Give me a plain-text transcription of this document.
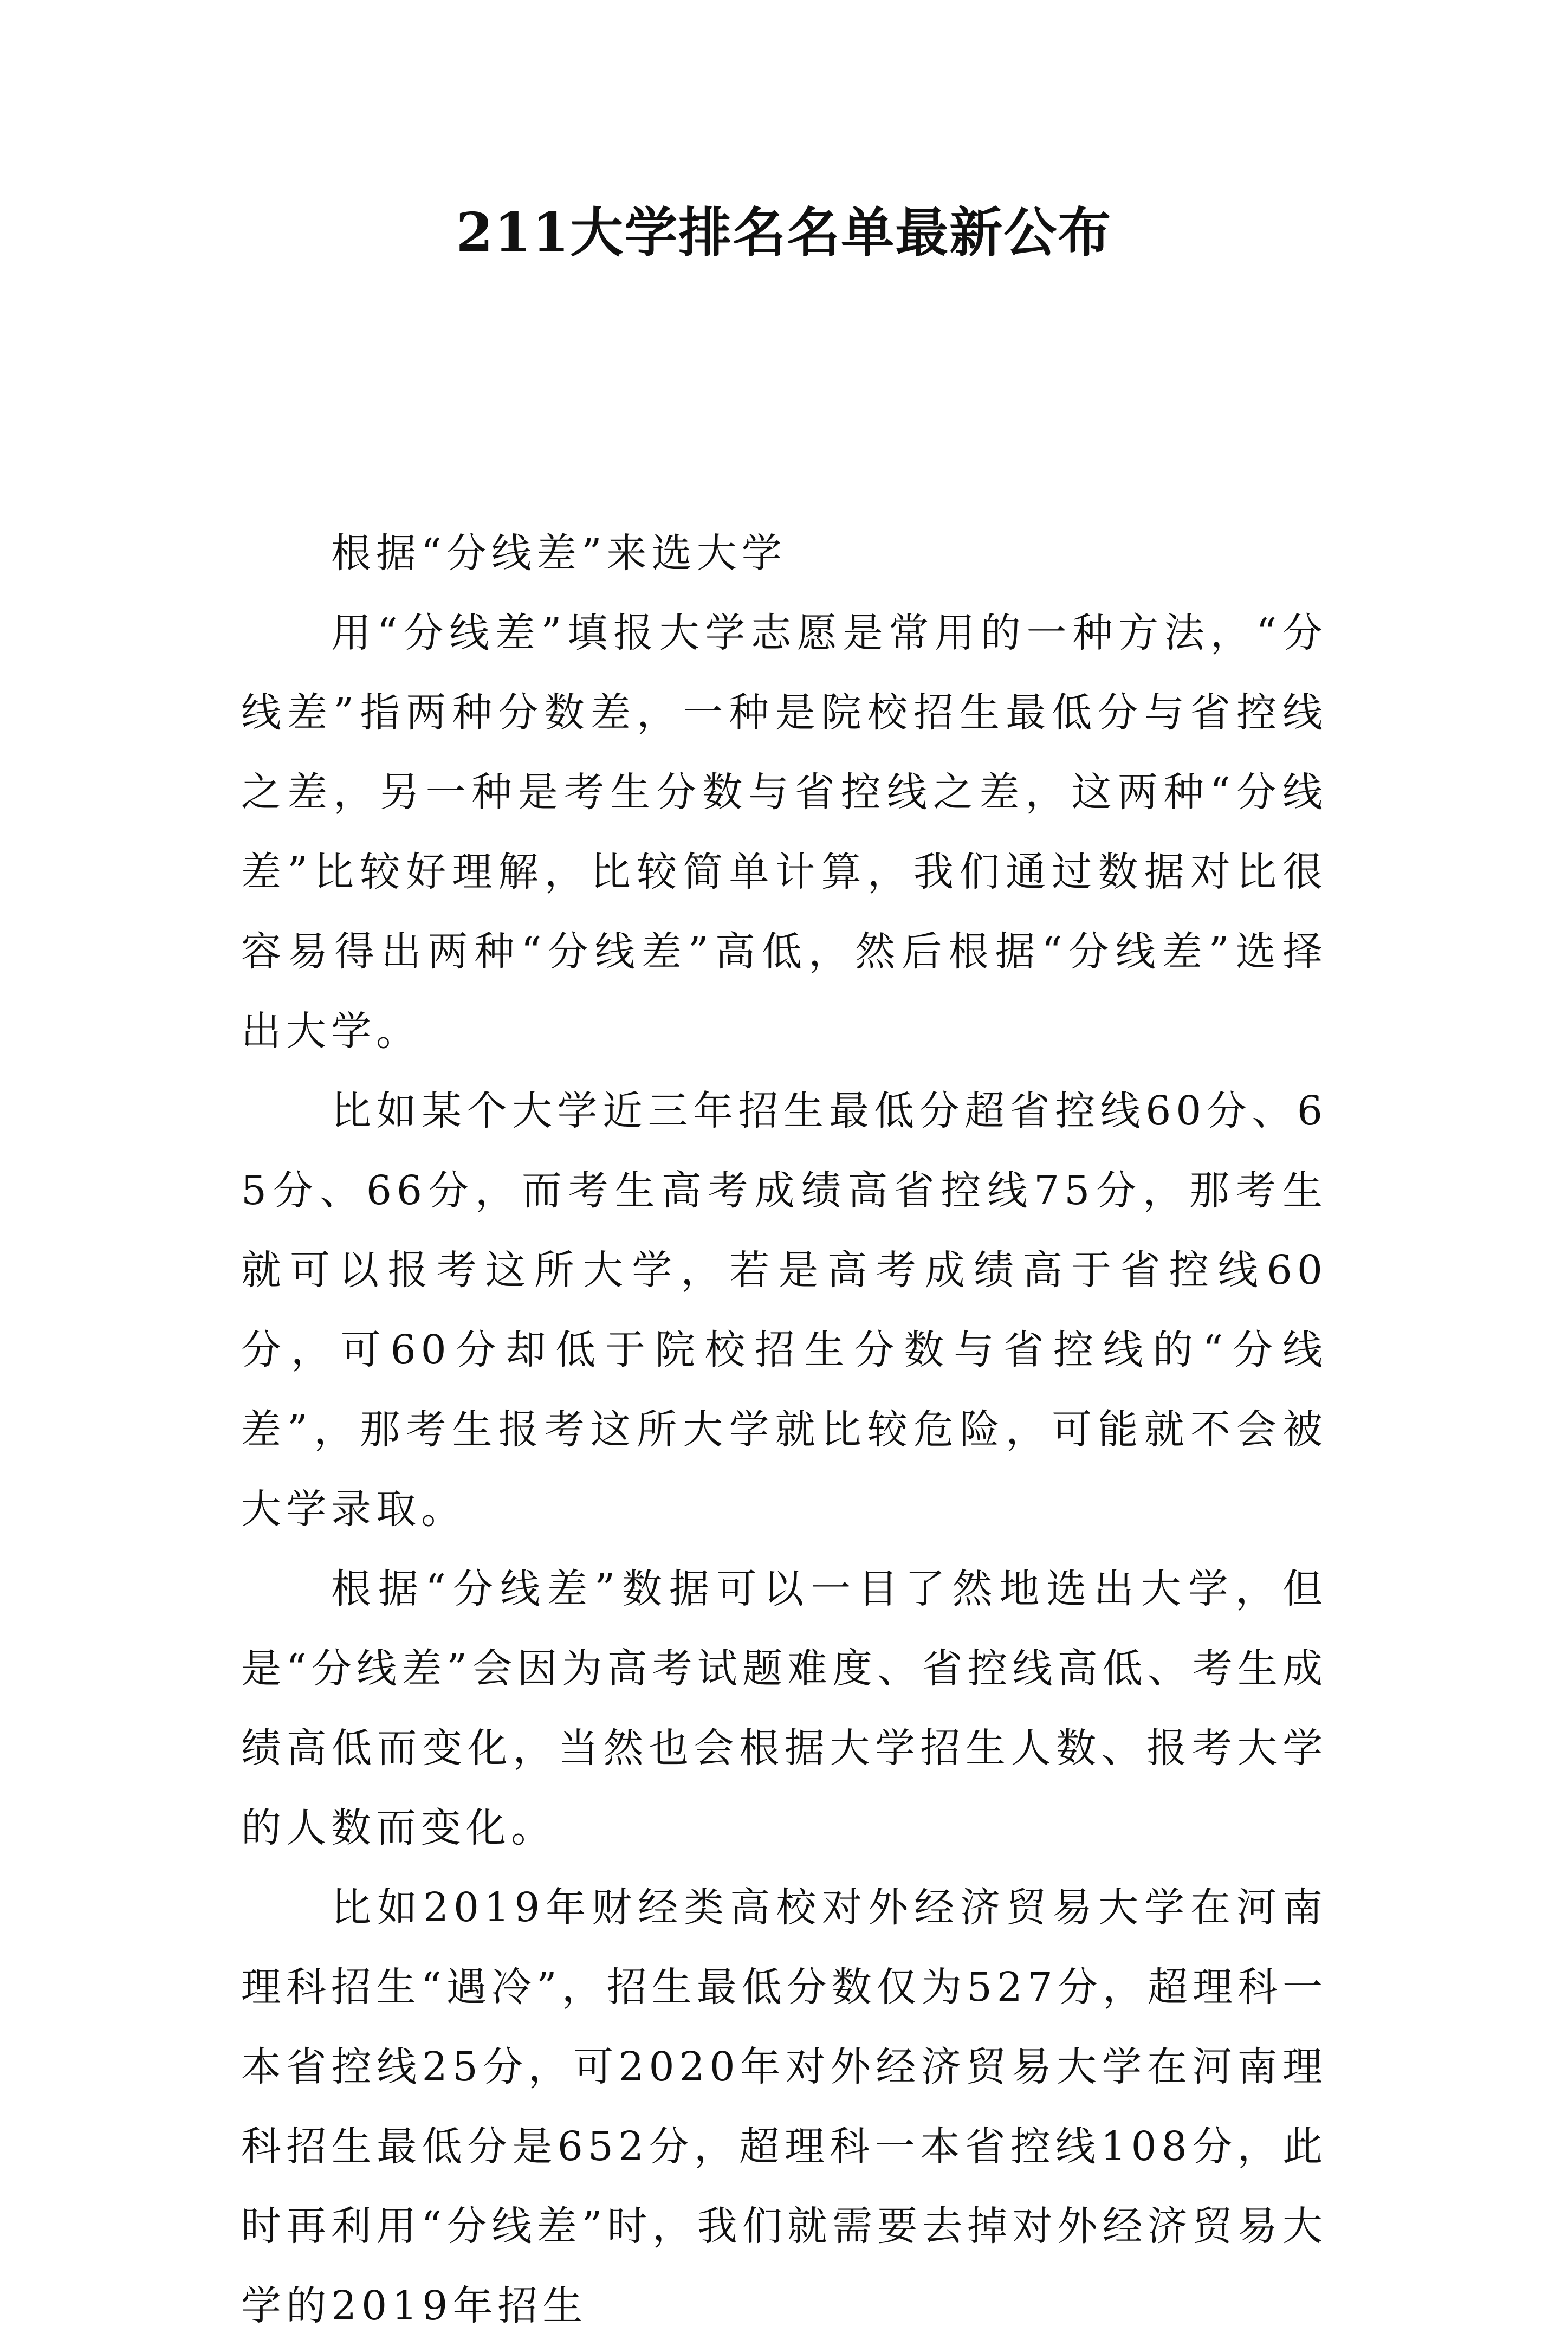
211大学排名名单最新公布

根据“分线差”来选大学

用“分线差”填报大学志愿是常用的一种方法，“分线差”指两种分数差，一种是院校招生最低分与省控线之差，另一种是考生分数与省控线之差，这两种“分线差”比较好理解，比较简单计算，我们通过数据对比很容易得出两种“分线差”高低，然后根据“分线差”选择出大学。

比如某个大学近三年招生最低分超省控线60分、65分、66分，而考生高考成绩高省控线75分，那考生就可以报考这所大学，若是高考成绩高于省控线60分，可60分却低于院校招生分数与省控线的“分线差”，那考生报考这所大学就比较危险，可能就不会被大学录取。

根据“分线差”数据可以一目了然地选出大学，但是“分线差”会因为高考试题难度、省控线高低、考生成绩高低而变化，当然也会根据大学招生人数、报考大学的人数而变化。

比如2019年财经类高校对外经济贸易大学在河南理科招生“遇冷”，招生最低分数仅为527分，超理科一本省控线25分，可2020年对外经济贸易大学在河南理科招生最低分是652分，超理科一本省控线108分，此时再利用“分线差”时，我们就需要去掉对外经济贸易大学的2019年招生
